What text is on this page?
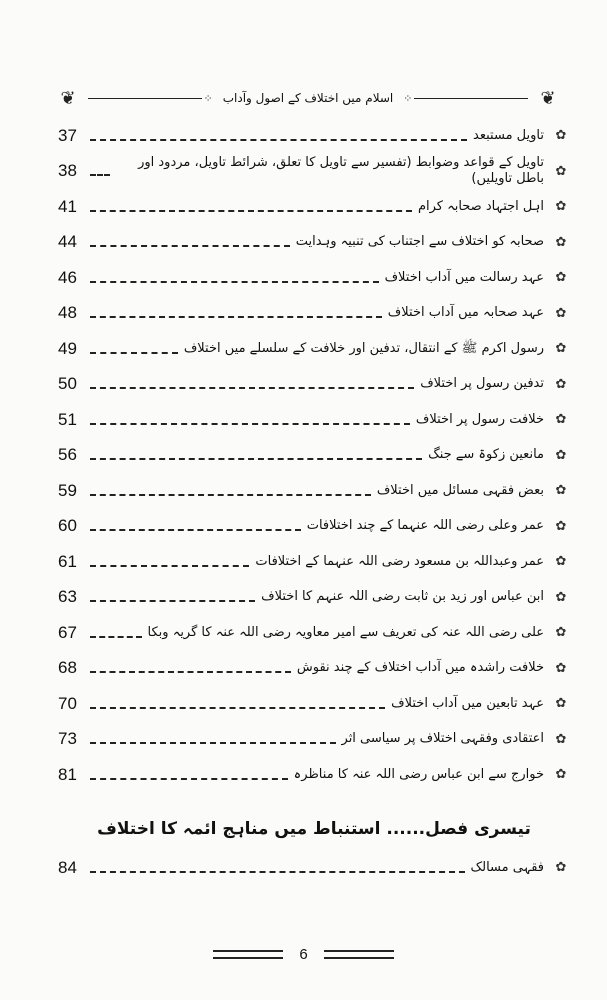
❦	⁘ اسلام میں اختلاف کے اصول وآداب ⁘	❦
✿
تاویل مستبعد
37
✿
تاویل کے قواعد وضوابط (تفسیر سے تاویل کا تعلق، شرائط تاویل، مردود اور باطل تاویلیں)
38
✿
اہل اجتہاد صحابہ کرام
41
✿
صحابہ کو اختلاف سے اجتناب کی تنبیہ وہدایت
44
✿
عہد رسالت میں آداب اختلاف
46
✿
عہد صحابہ میں آداب اختلاف
48
✿
رسول اکرم ﷺ کے انتقال، تدفین اور خلافت کے سلسلے میں اختلاف
49
✿
تدفین رسول پر اختلاف
50
✿
خلافت رسول پر اختلاف
51
✿
مانعین زکوۃ سے جنگ
56
✿
بعض فقہی مسائل میں اختلاف
59
✿
عمر وعلی رضی اللہ عنہما کے چند اختلافات
60
✿
عمر وعبداللہ بن مسعود رضی اللہ عنہما کے اختلافات
61
✿
ابن عباس اور زید بن ثابت رضی اللہ عنہم کا اختلاف
63
✿
علی رضی اللہ عنہ کی تعریف سے امیر معاویہ رضی اللہ عنہ کا گریہ وبکا
67
✿
خلافت راشدہ میں آداب اختلاف کے چند نقوش
68
✿
عہد تابعین میں آداب اختلاف
70
✿
اعتقادی وفقہی اختلاف پر سیاسی اثر
73
✿
خوارج سے ابن عباس رضی اللہ عنہ کا مناظرہ
81
تیسری فصل...... استنباط میں مناہج ائمہ کا اختلاف
✿
فقہی مسالک
84
6
